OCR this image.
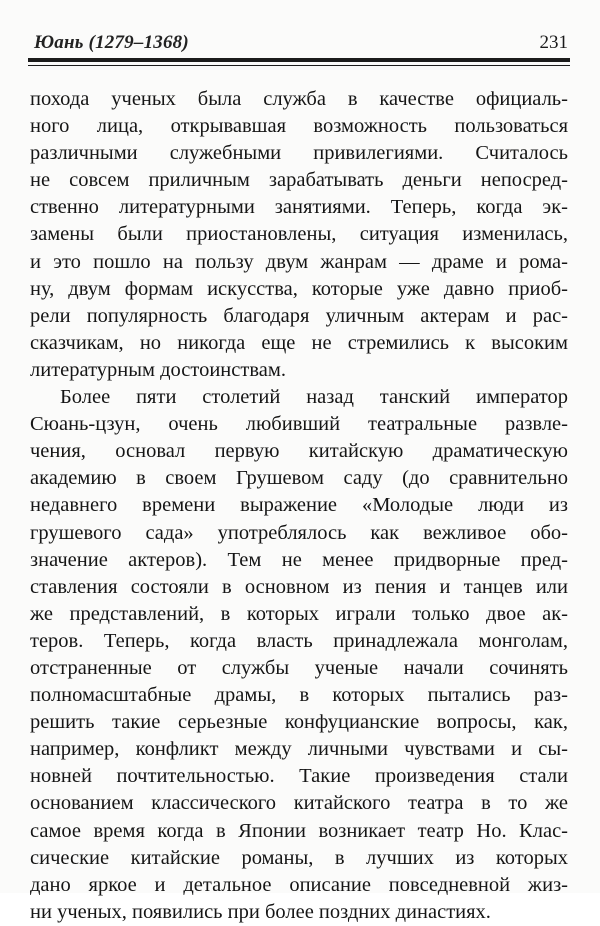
Юань (1279–1368)	231
похода ученых была служба в качестве официаль-
ного лица, открывавшая возможность пользоваться
различными служебными привилегиями. Считалось
не совсем приличным зарабатывать деньги непосред-
ственно литературными занятиями. Теперь, когда эк-
замены были приостановлены, ситуация изменилась,
и это пошло на пользу двум жанрам — драме и рома-
ну, двум формам искусства, которые уже давно приоб-
рели популярность благодаря уличным актерам и рас-
сказчикам, но никогда еще не стремились к высоким
литературным достоинствам.
Более пяти столетий назад танский император
Сюань-цзун, очень любивший театральные развле-
чения, основал первую китайскую драматическую
академию в своем Грушевом саду (до сравнительно
недавнего времени выражение «Молодые люди из
грушевого сада» употреблялось как вежливое обо-
значение актеров). Тем не менее придворные пред-
ставления состояли в основном из пения и танцев или
же представлений, в которых играли только двое ак-
теров. Теперь, когда власть принадлежала монголам,
отстраненные от службы ученые начали сочинять
полномасштабные драмы, в которых пытались раз-
решить такие серьезные конфуцианские вопросы, как,
например, конфликт между личными чувствами и сы-
новней почтительностью. Такие произведения стали
основанием классического китайского театра в то же
самое время когда в Японии возникает театр Но. Клас-
сические китайские романы, в лучших из которых
дано яркое и детальное описание повседневной жиз-
ни ученых, появились при более поздних династиях.
